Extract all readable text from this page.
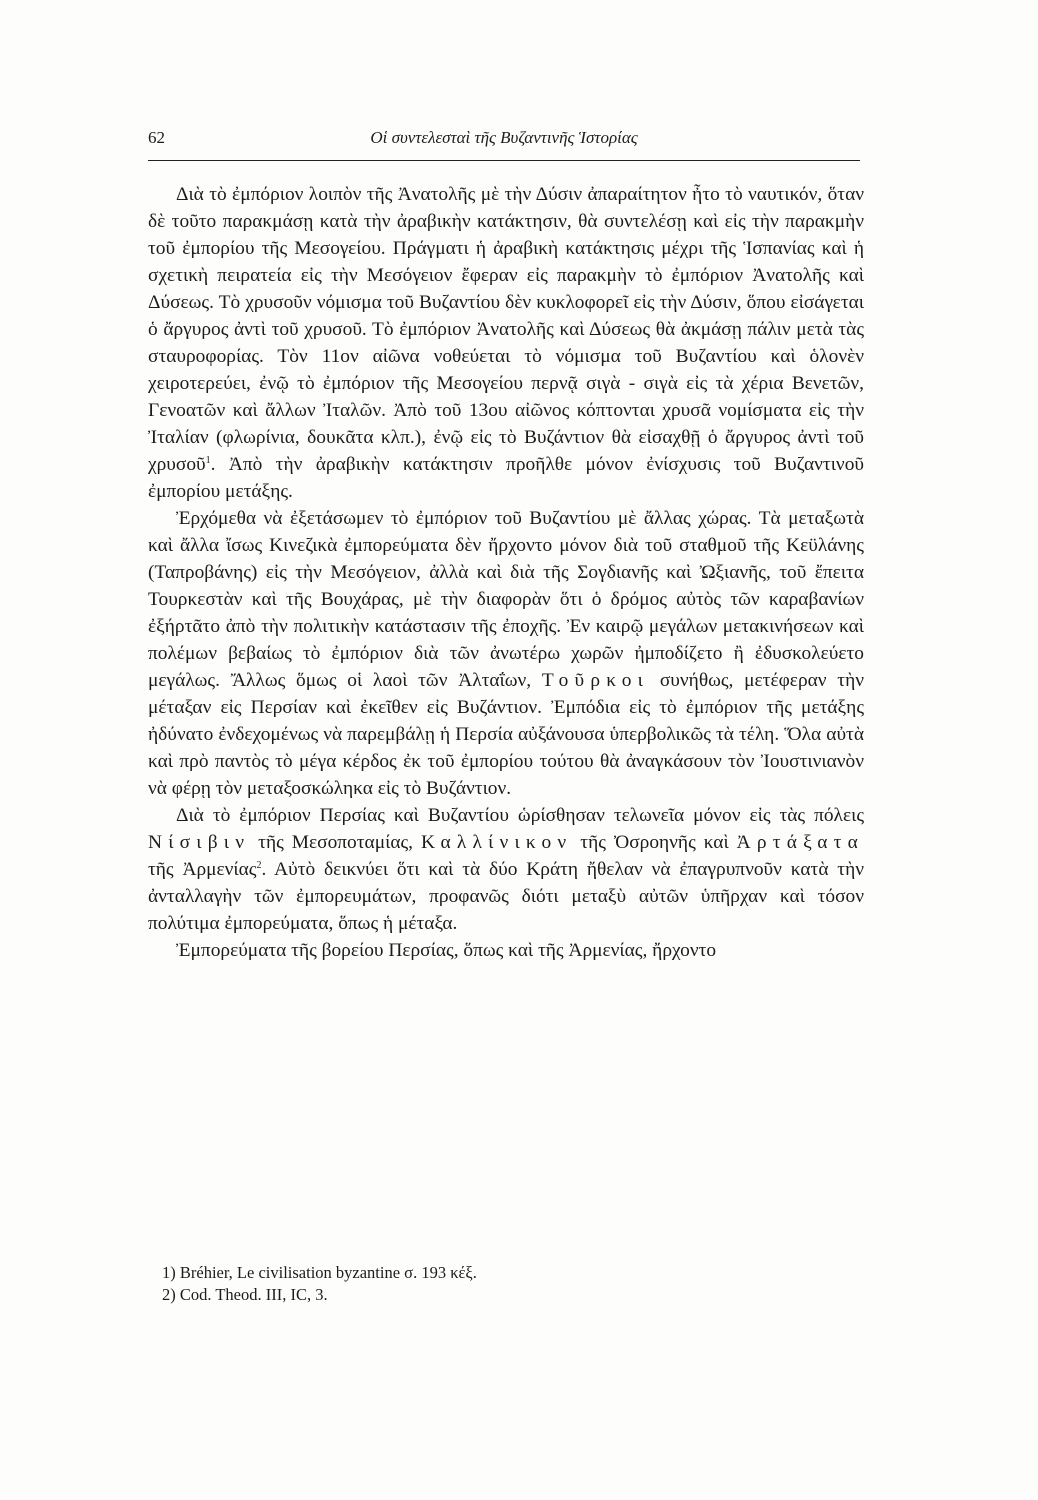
62	Οἱ συντελεσταὶ τῆς Βυζαντινῆς Ἱστορίας

Διὰ τὸ ἐμπόριον λοιπὸν τῆς Ἀνατολῆς μὲ τὴν Δύσιν ἀπαραίτητον ἦτο τὸ ναυτικόν, ὅταν δὲ τοῦτο παρακμάσῃ κατὰ τὴν ἀραβικὴν κατάκτησιν, θὰ συντελέσῃ καὶ εἰς τὴν παρακμὴν τοῦ ἐμπορίου τῆς Μεσογείου. Πράγματι ἡ ἀραβικὴ κατάκτησις μέχρι τῆς Ἱσπανίας καὶ ἡ σχετικὴ πειρατεία εἰς τὴν Μεσόγειον ἔφεραν εἰς παρακμὴν τὸ ἐμπόριον Ἀνατολῆς καὶ Δύσεως. Τὸ χρυσοῦν νόμισμα τοῦ Βυζαντίου δὲν κυκλοφορεῖ εἰς τὴν Δύσιν, ὅπου εἰσάγεται ὁ ἄργυρος ἀντὶ τοῦ χρυσοῦ. Τὸ ἐμπόριον Ἀνατολῆς καὶ Δύσεως θὰ ἀκμάσῃ πάλιν μετὰ τὰς σταυροφορίας. Τὸν 11ον αἰῶνα νοθεύεται τὸ νόμισμα τοῦ Βυζαντίου καὶ ὁλονὲν χειροτερεύει, ἐνῷ τὸ ἐμπόριον τῆς Μεσογείου περνᾷ σιγὰ - σιγὰ εἰς τὰ χέρια Βενετῶν, Γενοατῶν καὶ ἄλλων Ἰταλῶν. Ἀπὸ τοῦ 13ου αἰῶνος κόπτονται χρυσᾶ νομίσματα εἰς τὴν Ἰταλίαν (φλωρίνια, δουκᾶτα κλπ.), ἐνῷ εἰς τὸ Βυζάντιον θὰ εἰσαχθῇ ὁ ἄργυρος ἀντὶ τοῦ χρυσοῦ$^1$. Ἀπὸ τὴν ἀραβικὴν κατάκτησιν προῆλθε μόνον ἐνίσχυσις τοῦ Βυζαντινοῦ ἐμπορίου μετάξης.

Ἐρχόμεθα νὰ ἐξετάσωμεν τὸ ἐμπόριον τοῦ Βυζαντίου μὲ ἄλλας χώρας. Τὰ μεταξωτὰ καὶ ἄλλα ἴσως Κινεζικὰ ἐμπορεύματα δὲν ἤρχοντο μόνον διὰ τοῦ σταθμοῦ τῆς Κεϋλάνης (Ταπροβάνης) εἰς τὴν Μεσόγειον, ἀλλὰ καὶ διὰ τῆς Σογδιανῆς καὶ Ὠξιανῆς, τοῦ ἔπειτα Τουρκεστὰν καὶ τῆς Βουχάρας, μὲ τὴν διαφορὰν ὅτι ὁ δρόμος αὐτὸς τῶν καραβανίων ἐξήρτᾶτο ἀπὸ τὴν πολιτικὴν κατάστασιν τῆς ἐποχῆς. Ἐν καιρῷ μεγάλων μετακινήσεων καὶ πολέμων βεβαίως τὸ ἐμπόριον διὰ τῶν ἀνωτέρω χωρῶν ἠμποδίζετο ἢ ἐδυσκολεύετο μεγάλως. Ἄλλως ὅμως οἱ λαοὶ τῶν Ἀλταΐων, Τοῦρκοι συνήθως, μετέφεραν τὴν μέταξαν εἰς Περσίαν καὶ ἐκεῖθεν εἰς Βυζάντιον. Ἐμπόδια εἰς τὸ ἐμπόριον τῆς μετάξης ἠδύνατο ἐνδεχομένως νὰ παρεμβάλῃ ἡ Περσία αὐξάνουσα ὑπερβολικῶς τὰ τέλη. Ὅλα αὐτὰ καὶ πρὸ παντὸς τὸ μέγα κέρδος ἐκ τοῦ ἐμπορίου τούτου θὰ ἀναγκάσουν τὸν Ἰουστινιανὸν νὰ φέρῃ τὸν μεταξοσκώληκα εἰς τὸ Βυζάντιον.

Διὰ τὸ ἐμπόριον Περσίας καὶ Βυζαντίου ὡρίσθησαν τελωνεῖα μόνον εἰς τὰς πόλεις Νίσιβιν τῆς Μεσοποταμίας, Καλλίνικον τῆς Ὀσροηνῆς καὶ Ἀρτάξατα τῆς Ἀρμενίας$^2$. Αὐτὸ δεικνύει ὅτι καὶ τὰ δύο Κράτη ἤθελαν νὰ ἐπαγρυπνοῦν κατὰ τὴν ἀνταλλαγὴν τῶν ἐμπορευμάτων, προφανῶς διότι μεταξὺ αὐτῶν ὑπῆρχαν καὶ τόσον πολύτιμα ἐμπορεύματα, ὅπως ἡ μέταξα.

Ἐμπορεύματα τῆς βορείου Περσίας, ὅπως καὶ τῆς Ἀρμενίας, ἤρχοντο

1) Bréhier, Le civilisation byzantine σ. 193 κέξ.

2) Cod. Theod. III, IC, 3.
